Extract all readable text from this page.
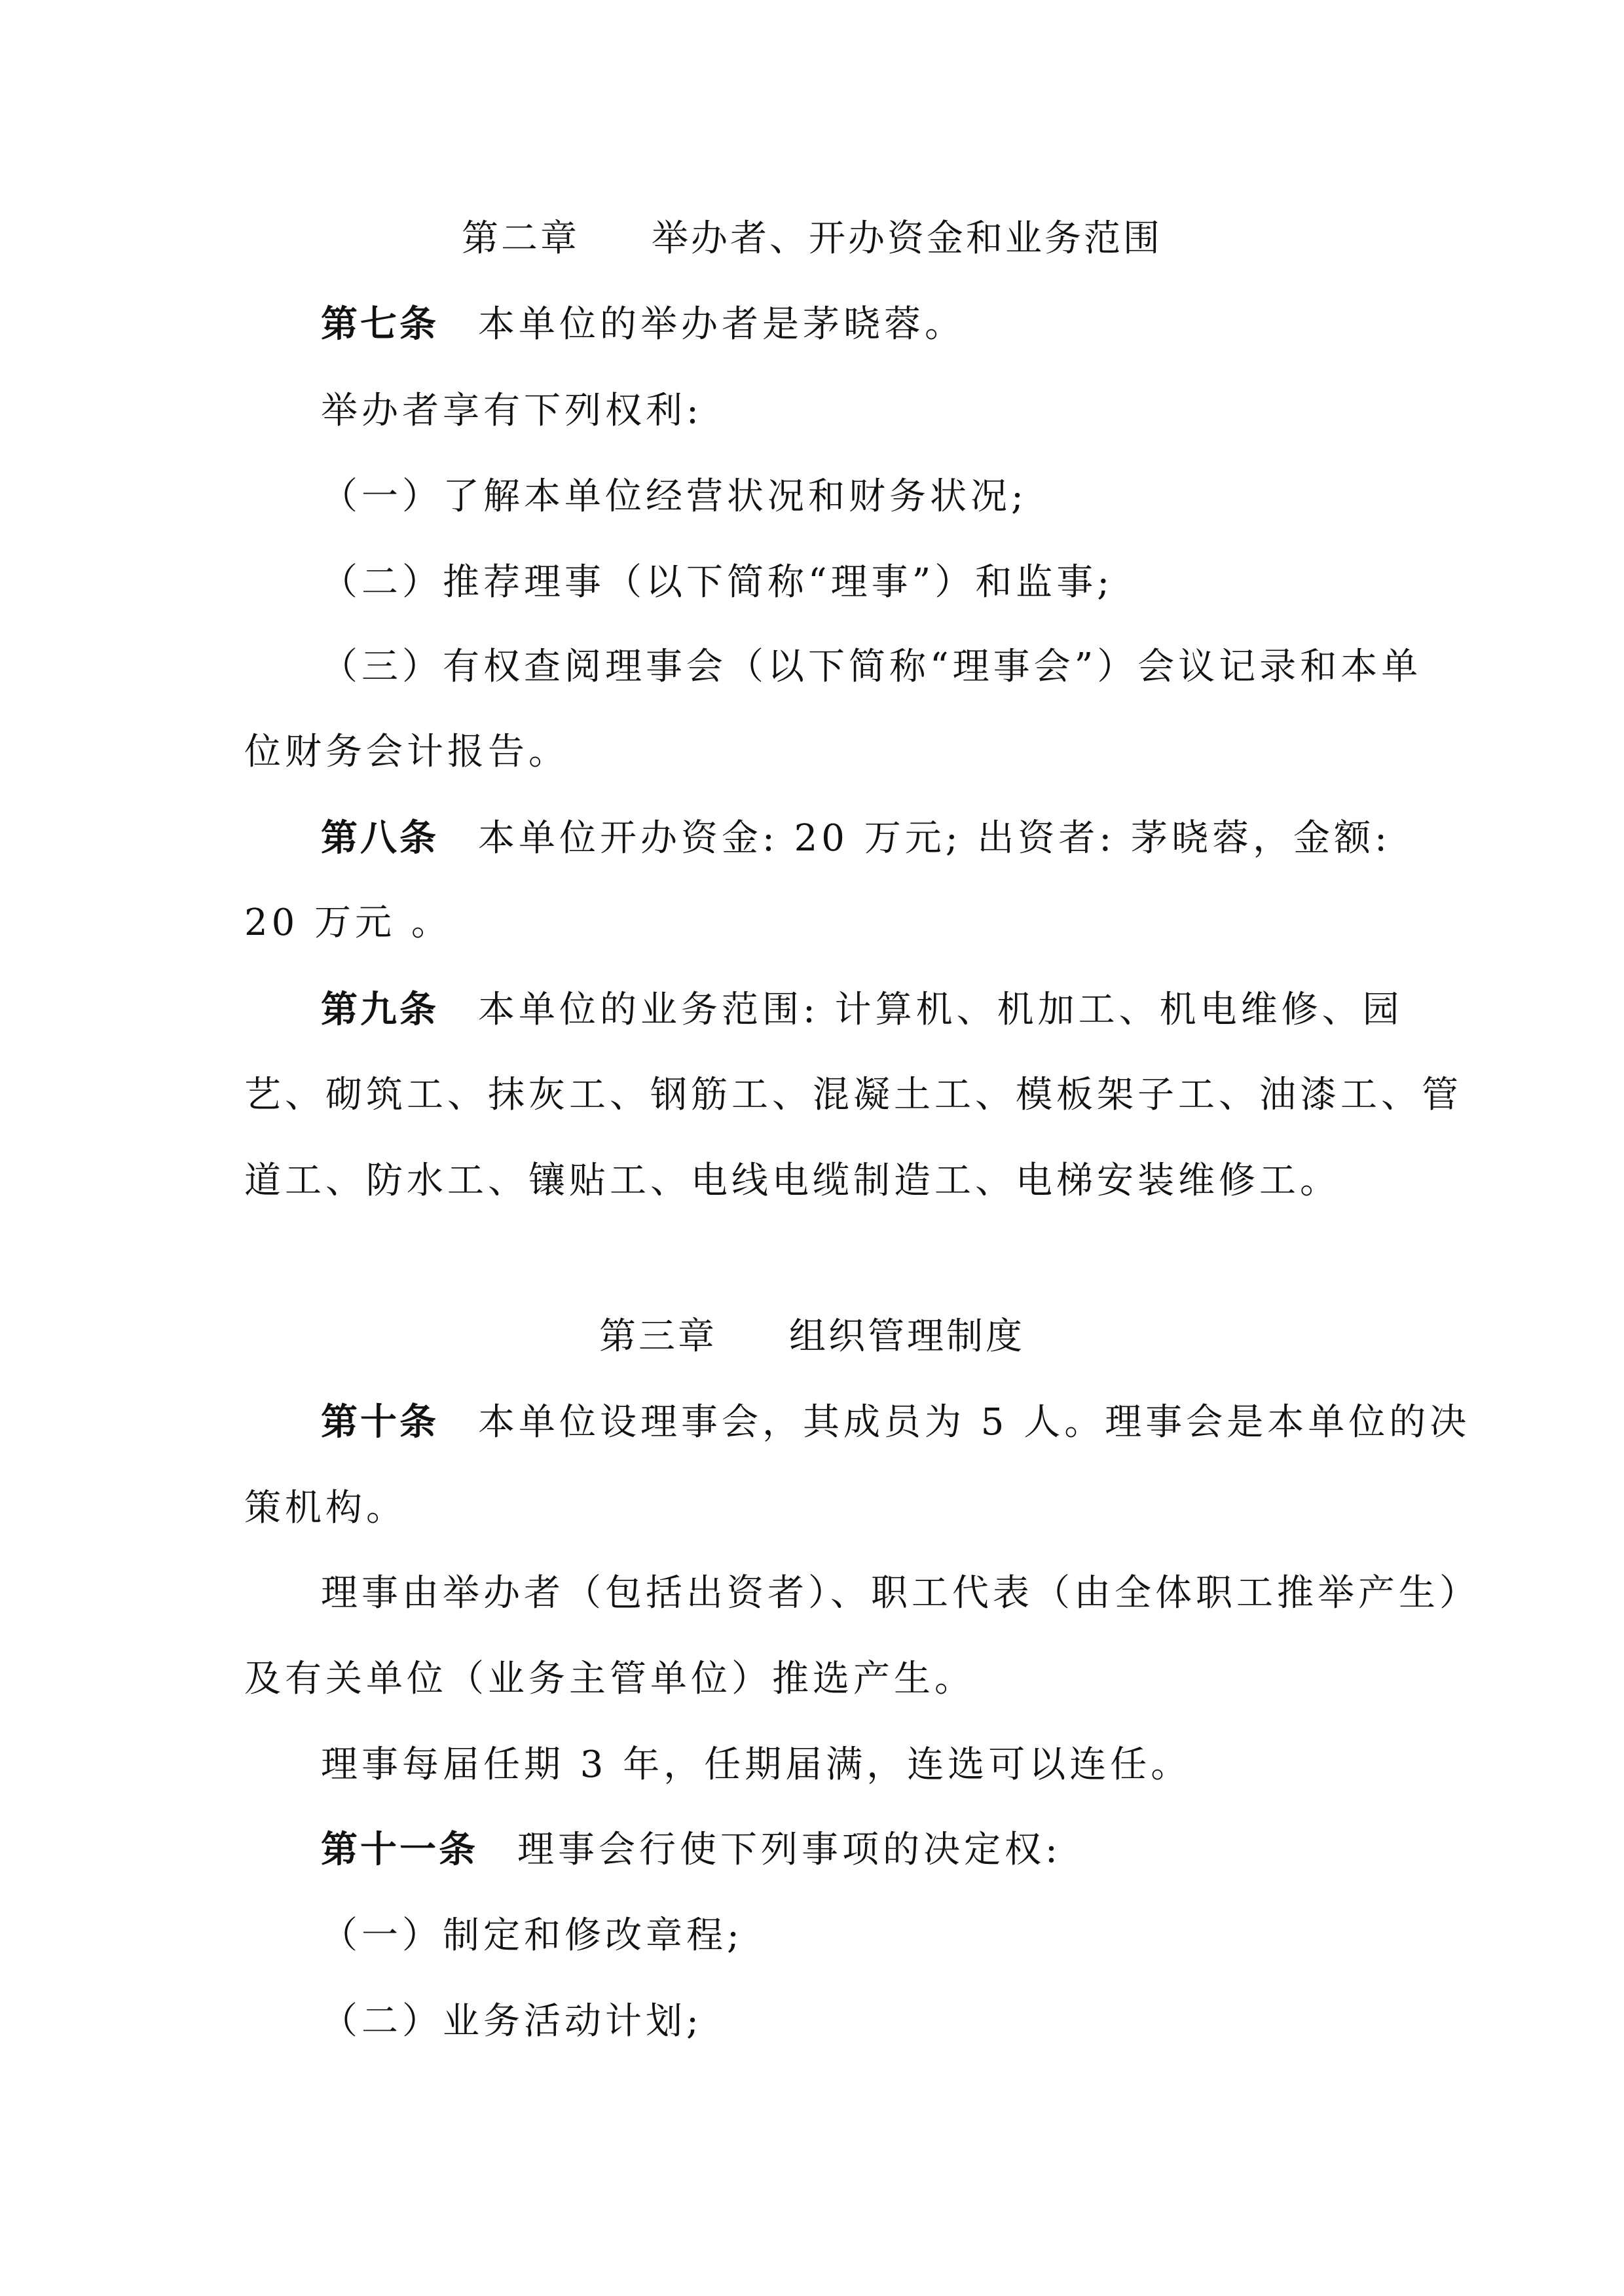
第二章 举办者、开办资金和业务范围
第七条 本单位的举办者是茅晓蓉。
举办者享有下列权利:
（一）了解本单位经营状况和财务状况;
（二）推荐理事（以下简称“理事”）和监事;
（三）有权查阅理事会（以下简称“理事会”）会议记录和本单
位财务会计报告。
第八条 本单位开办资金: 20 万元; 出资者: 茅晓蓉，金额:
20 万元 。
第九条 本单位的业务范围: 计算机、机加工、机电维修、园
艺、砌筑工、抹灰工、钢筋工、混凝土工、模板架子工、油漆工、管
道工、防水工、镶贴工、电线电缆制造工、电梯安装维修工。
第三章 组织管理制度
第十条 本单位设理事会，其成员为 5 人。理事会是本单位的决
策机构。
理事由举办者（包括出资者）、职工代表（由全体职工推举产生）
及有关单位（业务主管单位）推选产生。
理事每届任期 3 年，任期届满，连选可以连任。
第十一条 理事会行使下列事项的决定权:
（一）制定和修改章程;
（二）业务活动计划;
